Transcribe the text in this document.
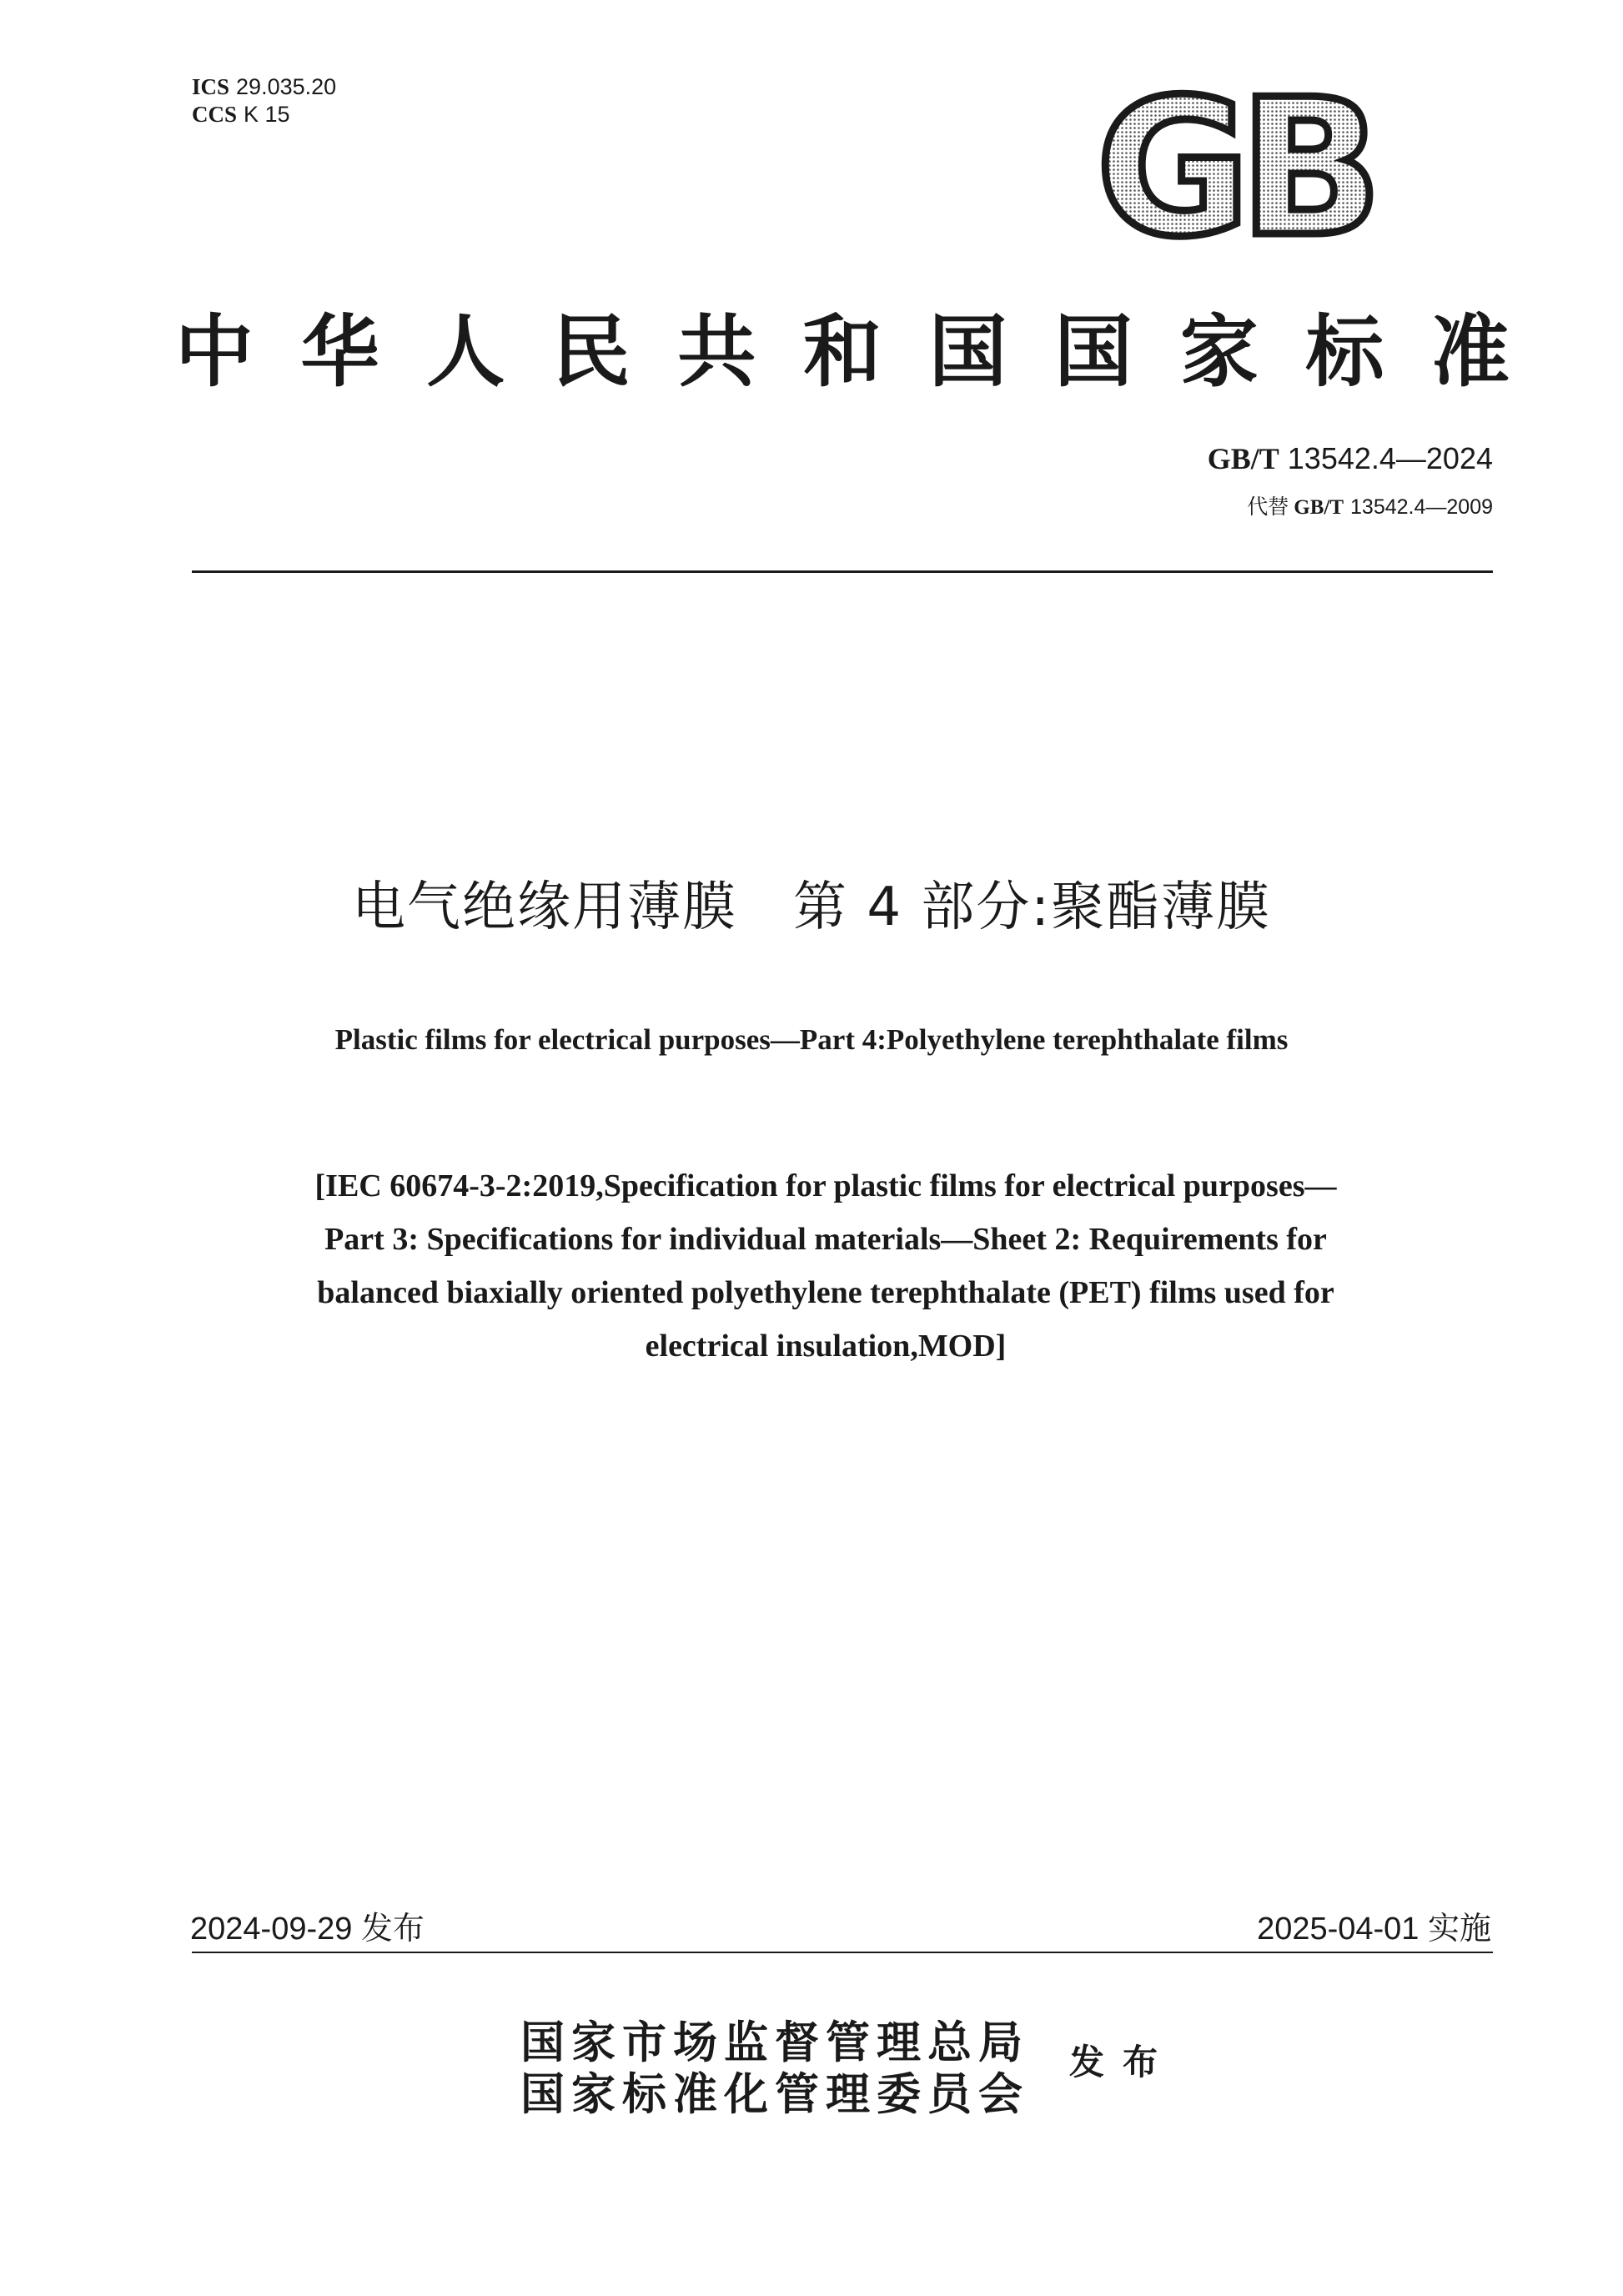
ICS 29.035.20
CCS K 15	GB
中 华 人 民 共 和 国 国 家 标 准
GB/T 13542.4—2024
代替 GB/T 13542.4—2009
电气绝缘用薄膜   第 4 部分:聚酯薄膜
Plastic films for electrical purposes—Part 4:Polyethylene terephthalate films
[IEC 60674-3-2:2019,Specification for plastic films for electrical purposes—
Part 3: Specifications for individual materials—Sheet 2: Requirements for
balanced biaxially oriented polyethylene terephthalate (PET) films used for
electrical insulation,MOD]
2024-09-29 发布	2025-04-01 实施
国家市场监督管理总局
国家标准化管理委员会
发布
